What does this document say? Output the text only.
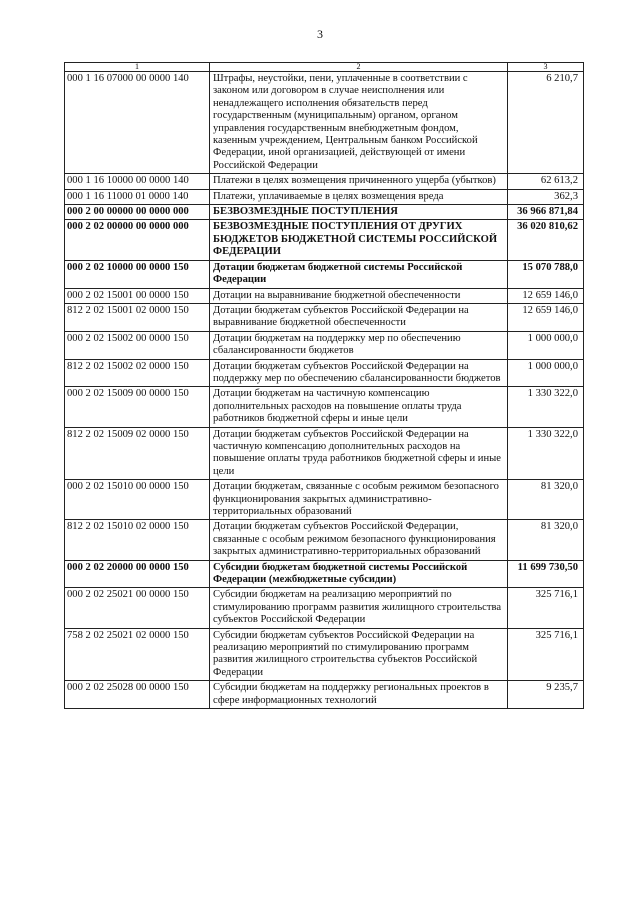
3
1	2	3
000 1 16 07000 00 0000 140	Штрафы, неустойки, пени, уплаченные в соответствии с законом или договором в случае неисполнения или ненадлежащего исполнения обязательств перед государственным (муниципальным) органом, органом управления государственным внебюджетным фондом, казенным учреждением, Центральным банком Российской Федерации, иной организацией, действующей от имени Российской Федерации	6 210,7
000 1 16 10000 00 0000 140	Платежи в целях возмещения причиненного ущерба (убытков)	62 613,2
000 1 16 11000 01 0000 140	Платежи, уплачиваемые в целях возмещения вреда	362,3
000 2 00 00000 00 0000 000	БЕЗВОЗМЕЗДНЫЕ ПОСТУПЛЕНИЯ	36 966 871,84
000 2 02 00000 00 0000 000	БЕЗВОЗМЕЗДНЫЕ ПОСТУПЛЕНИЯ ОТ ДРУГИХ БЮДЖЕТОВ БЮДЖЕТНОЙ СИСТЕМЫ РОССИЙСКОЙ ФЕДЕРАЦИИ	36 020 810,62
000 2 02 10000 00 0000 150	Дотации бюджетам бюджетной системы Российской Федерации	15 070 788,0
000 2 02 15001 00 0000 150	Дотации на выравнивание бюджетной обеспеченности	12 659 146,0
812 2 02 15001 02 0000 150	Дотации бюджетам субъектов Российской Федерации на выравнивание бюджетной обеспеченности	12 659 146,0
000 2 02 15002 00 0000 150	Дотации бюджетам на поддержку мер по обеспечению сбалансированности бюджетов	1 000 000,0
812 2 02 15002 02 0000 150	Дотации бюджетам субъектов Российской Федерации на поддержку мер по обеспечению сбалансированности бюджетов	1 000 000,0
000 2 02 15009 00 0000 150	Дотации бюджетам на частичную компенсацию дополнительных расходов на повышение оплаты труда работников бюджетной сферы и иные цели	1 330 322,0
812 2 02 15009 02 0000 150	Дотации бюджетам субъектов Российской Федерации на частичную компенсацию дополнительных расходов на повышение оплаты труда работников бюджетной сферы и иные цели	1 330 322,0
000 2 02 15010 00 0000 150	Дотации бюджетам, связанные с особым режимом безопасного функционирования закрытых административно-территориальных образований	81 320,0
812 2 02 15010 02 0000 150	Дотации бюджетам субъектов Российской Федерации, связанные с особым режимом безопасного функционирования закрытых административно-территориальных образований	81 320,0
000 2 02 20000 00 0000 150	Субсидии бюджетам бюджетной системы Российской Федерации (межбюджетные субсидии)	11 699 730,50
000 2 02 25021 00 0000 150	Субсидии бюджетам на реализацию мероприятий по стимулированию программ развития жилищного строительства субъектов Российской Федерации	325 716,1
758 2 02 25021 02 0000 150	Субсидии бюджетам субъектов Российской Федерации на реализацию мероприятий по стимулированию программ развития жилищного строительства субъектов Российской Федерации	325 716,1
000 2 02 25028 00 0000 150	Субсидии бюджетам на поддержку региональных проектов в сфере информационных технологий	9 235,7
